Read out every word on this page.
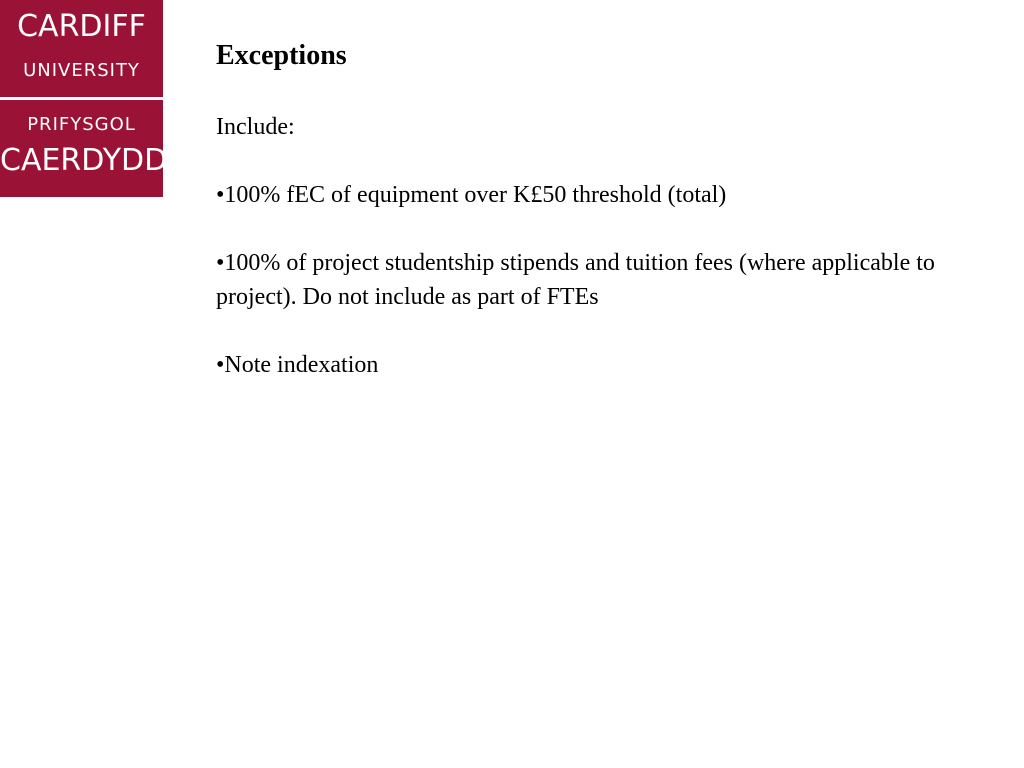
CARDIFF
UNIVERSITY
PRIFYSGOL
CAERDYDD
Exceptions
Include:
•100% fEC of equipment over K£50 threshold (total)
•100% of project studentship stipends and tuition fees (where applicable to project). Do not include as part of FTEs
•Note indexation
